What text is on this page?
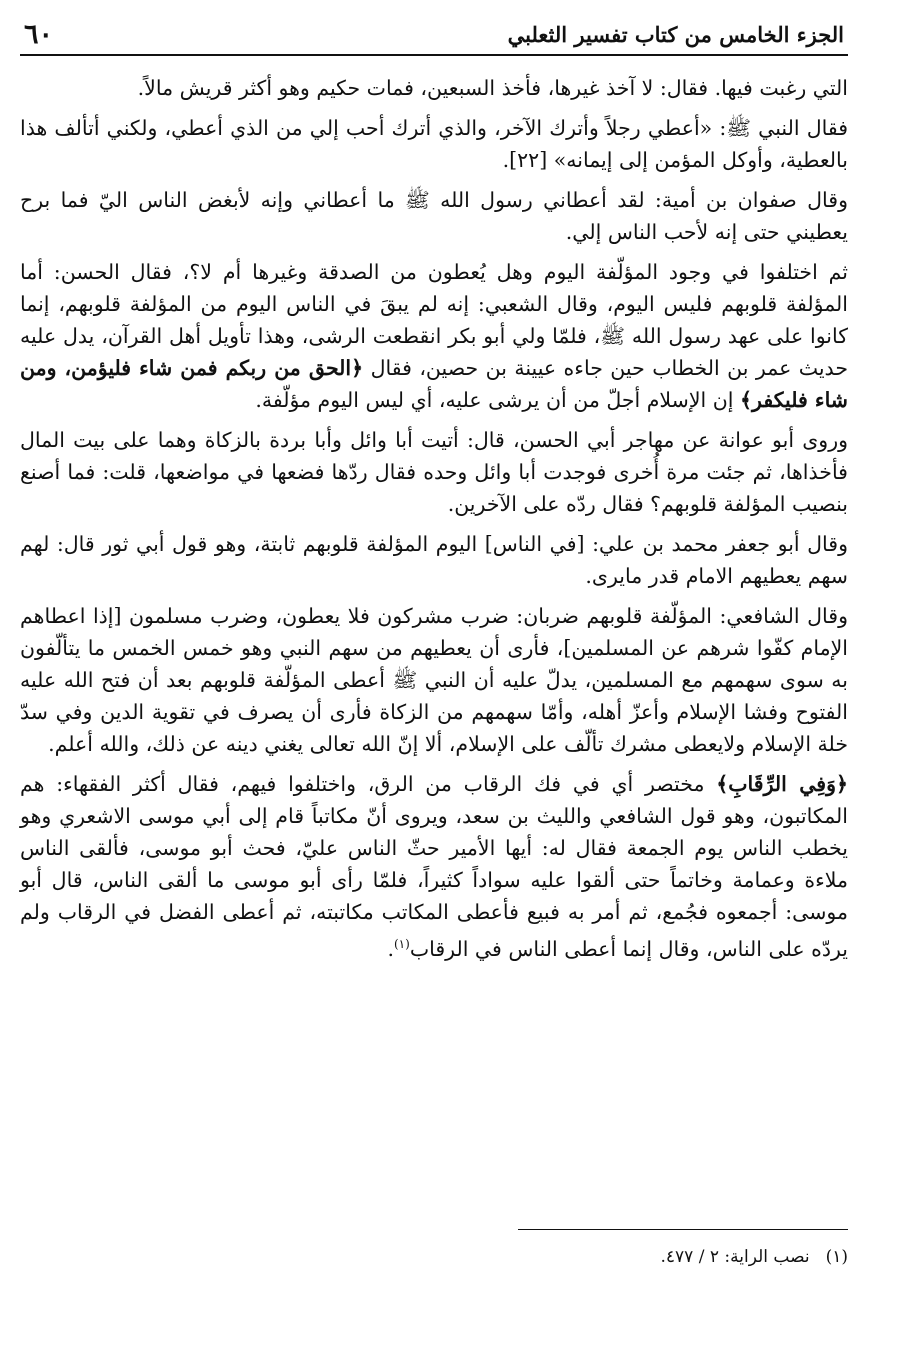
الجزء الخامس من كتاب تفسير الثعلبي
٦٠

التي رغبت فيها. فقال: لا آخذ غيرها، فأخذ السبعين، فمات حكيم وهو أكثر قريش مالاً.

فقال النبي ﷺ: «أعطي رجلاً وأترك الآخر، والذي أترك أحب إلي من الذي أعطي، ولكني أتألف هذا بالعطية، وأوكل المؤمن إلى إيمانه» [٢٢].

وقال صفوان بن أمية: لقد أعطاني رسول الله ﷺ ما أعطاني وإنه لأبغض الناس اليّ فما برح يعطيني حتى إنه لأحب الناس إلي.

ثم اختلفوا في وجود المؤلّفة اليوم وهل يُعطون من الصدقة وغيرها أم لا؟، فقال الحسن: أما المؤلفة قلوبهم فليس اليوم، وقال الشعبي: إنه لم يبقَ في الناس اليوم من المؤلفة قلوبهم، إنما كانوا على عهد رسول الله ﷺ، فلمّا ولي أبو بكر انقطعت الرشى، وهذا تأويل أهل القرآن، يدل عليه حديث عمر بن الخطاب حين جاءه عيينة بن حصين، فقال ﴿الحق من ربكم فمن شاء فليؤمن، ومن شاء فليكفر﴾ إن الإسلام أجلّ من أن يرشى عليه، أي ليس اليوم مؤلّفة.

وروى أبو عوانة عن مهاجر أبي الحسن، قال: أتيت أبا وائل وأبا بردة بالزكاة وهما على بيت المال فأخذاها، ثم جئت مرة أُخرى فوجدت أبا وائل وحده فقال ردّها فضعها في مواضعها، قلت: فما أصنع بنصيب المؤلفة قلوبهم؟ فقال ردّه على الآخرين.

وقال أبو جعفر محمد بن علي: [في الناس] اليوم المؤلفة قلوبهم ثابتة، وهو قول أبي ثور قال: لهم سهم يعطيهم الامام قدر مايرى.

وقال الشافعي: المؤلّفة قلوبهم ضربان: ضرب مشركون فلا يعطون، وضرب مسلمون [إذا اعطاهم الإمام كفّوا شرهم عن المسلمين]، فأرى أن يعطيهم من سهم النبي وهو خمس الخمس ما يتألّفون به سوى سهمهم مع المسلمين، يدلّ عليه أن النبي ﷺ أعطى المؤلّفة قلوبهم بعد أن فتح الله عليه الفتوح وفشا الإسلام وأعزّ أهله، وأمّا سهمهم من الزكاة فأرى أن يصرف في تقوية الدين وفي سدّ خلة الإسلام ولايعطى مشرك تألّف على الإسلام، ألا إنّ الله تعالى يغني دينه عن ذلك، والله أعلم.

﴿وَفِي الرِّقَابِ﴾ مختصر أي في فك الرقاب من الرق، واختلفوا فيهم، فقال أكثر الفقهاء: هم المكاتبون، وهو قول الشافعي والليث بن سعد، ويروى أنّ مكاتباً قام إلى أبي موسى الاشعري وهو يخطب الناس يوم الجمعة فقال له: أيها الأمير حثّ الناس عليّ، فحث أبو موسى، فألقى الناس ملاءة وعمامة وخاتماً حتى ألقوا عليه سواداً كثيراً، فلمّا رأى أبو موسى ما ألقى الناس، قال أبو موسى: أجمعوه فجُمع، ثم أمر به فبيع فأعطى المكاتب مكاتبته، ثم أعطى الفضل في الرقاب ولم يردّه على الناس، وقال إنما أعطى الناس في الرقاب$^{(١)}$.

(١)نصب الراية: ٢ / ٤٧٧.
